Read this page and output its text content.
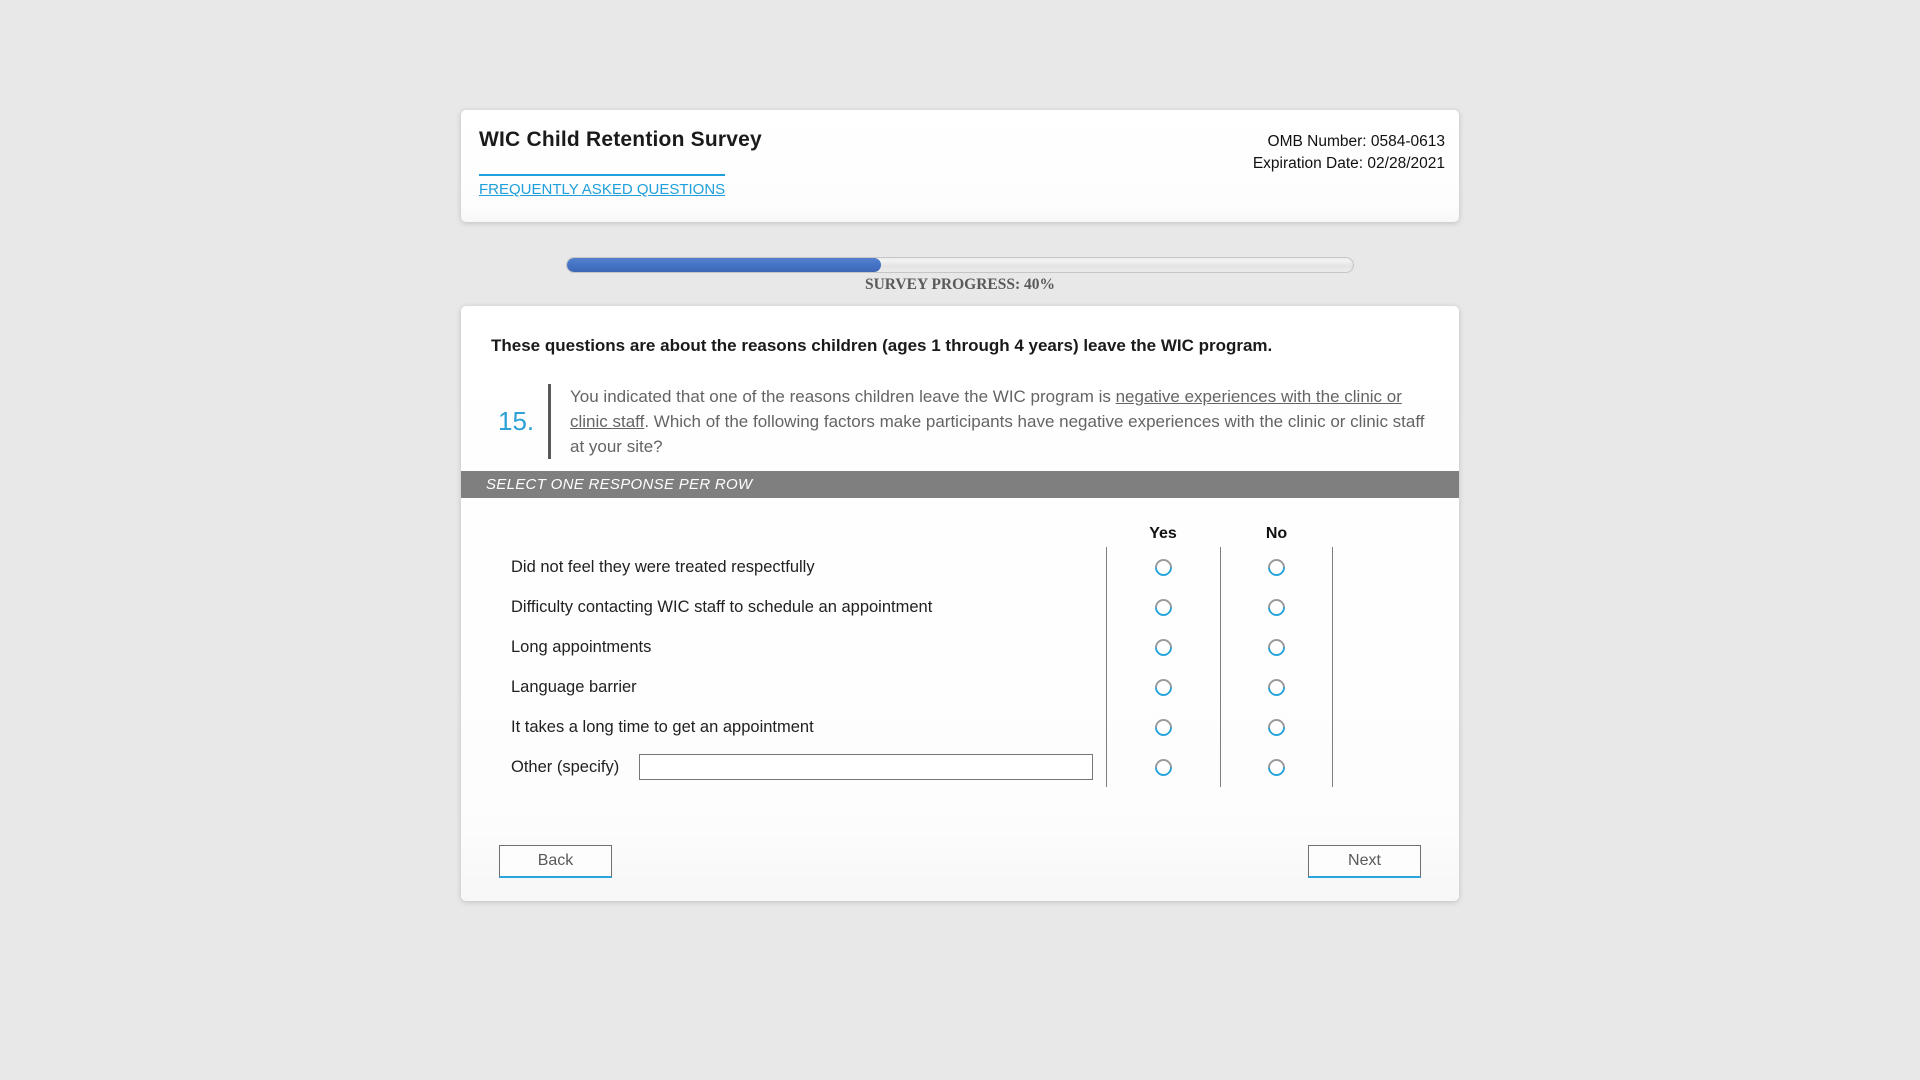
WIC Child Retention Survey
FREQUENTLY ASKED QUESTIONS
OMB Number: 0584-0613
Expiration Date: 02/28/2021
SURVEY PROGRESS: 40%

These questions are about the reasons children (ages 1 through 4 years) leave the WIC program.

15.
You indicated that one of the reasons children leave the WIC program is negative experiences with the clinic or clinic staff. Which of the following factors make participants have negative experiences with the clinic or clinic staff at your site?
SELECT ONE RESPONSE PER ROW
Yes	No
Did not feel they were treated respectfully
Difficulty contacting WIC staff to schedule an appointment
Long appointments
Language barrier
It takes a long time to get an appointment
Other (specify)
Back	Next
